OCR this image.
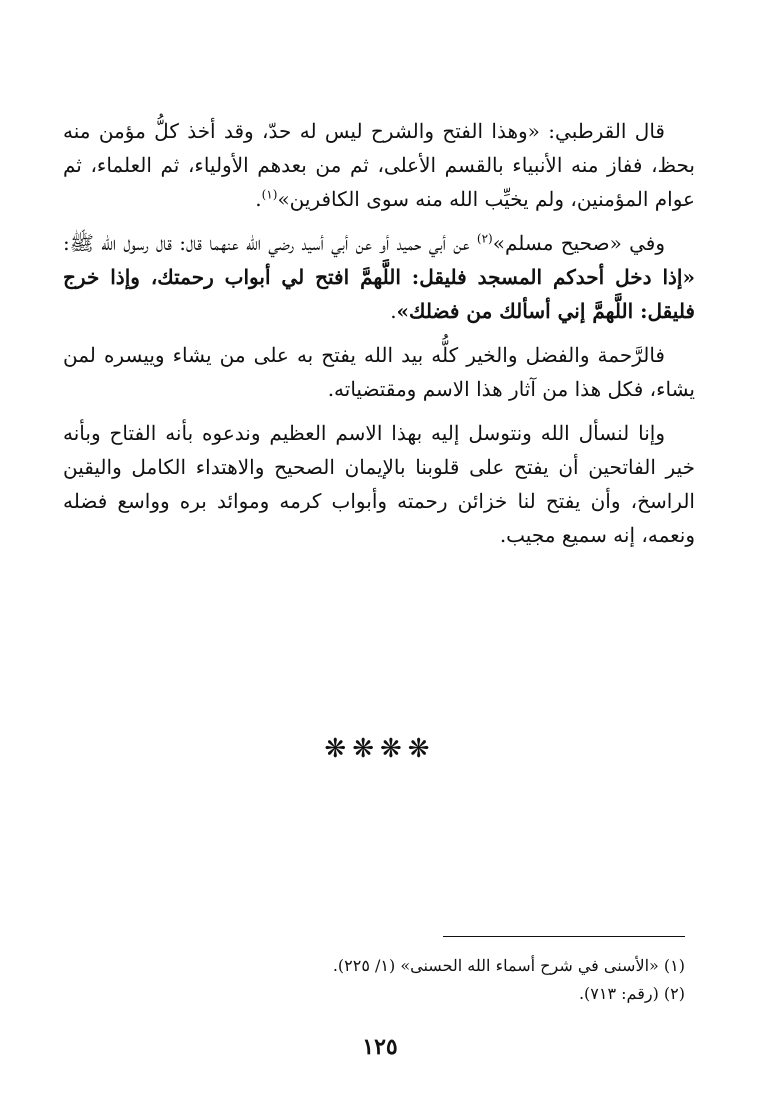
قال القرطبي: «وهذا الفتح والشرح ليس له حدّ، وقد أخذ كلُّ مؤمن منه بحظ، ففاز منه الأنبياء بالقسم الأعلى، ثم من بعدهم الأولياء، ثم العلماء، ثم عوام المؤمنين، ولم يخيِّب الله منه سوى الكافرين»$^{(١)}$.

وفي «صحيح مسلم»$^{(٢)}$ عن أبي حميد أو عن أبي أسيد رضي الله عنهما قال: قال رسول الله ﷺ: «إذا دخل أحدكم المسجد فليقل: اللَّهمَّ افتح لي أبواب رحمتك، وإذا خرج فليقل: اللَّهمَّ إني أسألك من فضلك».

فالرَّحمة والفضل والخير كلُّه بيد الله يفتح به على من يشاء وييسره لمن يشاء، فكل هذا من آثار هذا الاسم ومقتضياته.

وإنا لنسأل الله ونتوسل إليه بهذا الاسم العظيم وندعوه بأنه الفتاح وبأنه خير الفاتحين أن يفتح على قلوبنا بالإيمان الصحيح والاهتداء الكامل واليقين الراسخ، وأن يفتح لنا خزائن رحمته وأبواب كرمه وموائد بره وواسع فضله ونعمه، إنه سميع مجيب.

❋❋❋❋
(١) «الأسنى في شرح أسماء الله الحسنى» (١/ ٢٢٥).
(٢) (رقم: ٧١٣).
١٢٥
